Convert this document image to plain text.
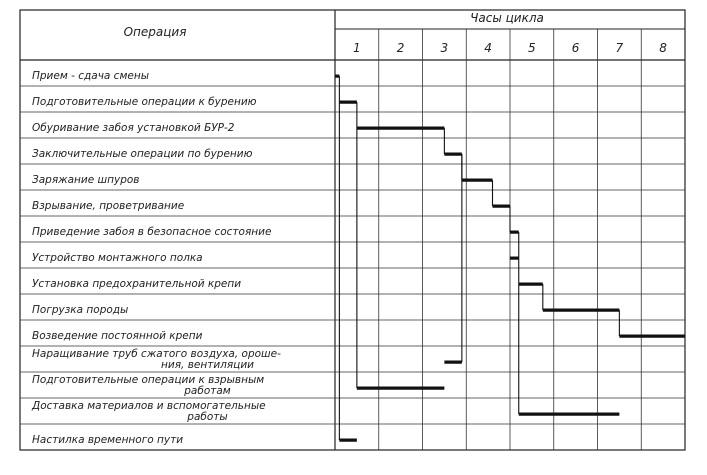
Операция
Часы цикла
1	2	3	4	5	6	7	8
Прием - сдача смены
Подготовительные операции к бурению
Обуривание забоя установкой БУР-2
Заключительные операции по бурению
Заряжание шпуров
Взрывание, проветривание
Приведение забоя в безопасное состояние
Устройство монтажного полка
Установка предохранительной крепи
Погрузка породы
Возведение постоянной крепи
Наращивание труб сжатого воздуха, ороше-
ния, вентиляции
Подготовительные операции к взрывным
работам
Доставка материалов и вспомогательные
работы
Настилка временного пути
